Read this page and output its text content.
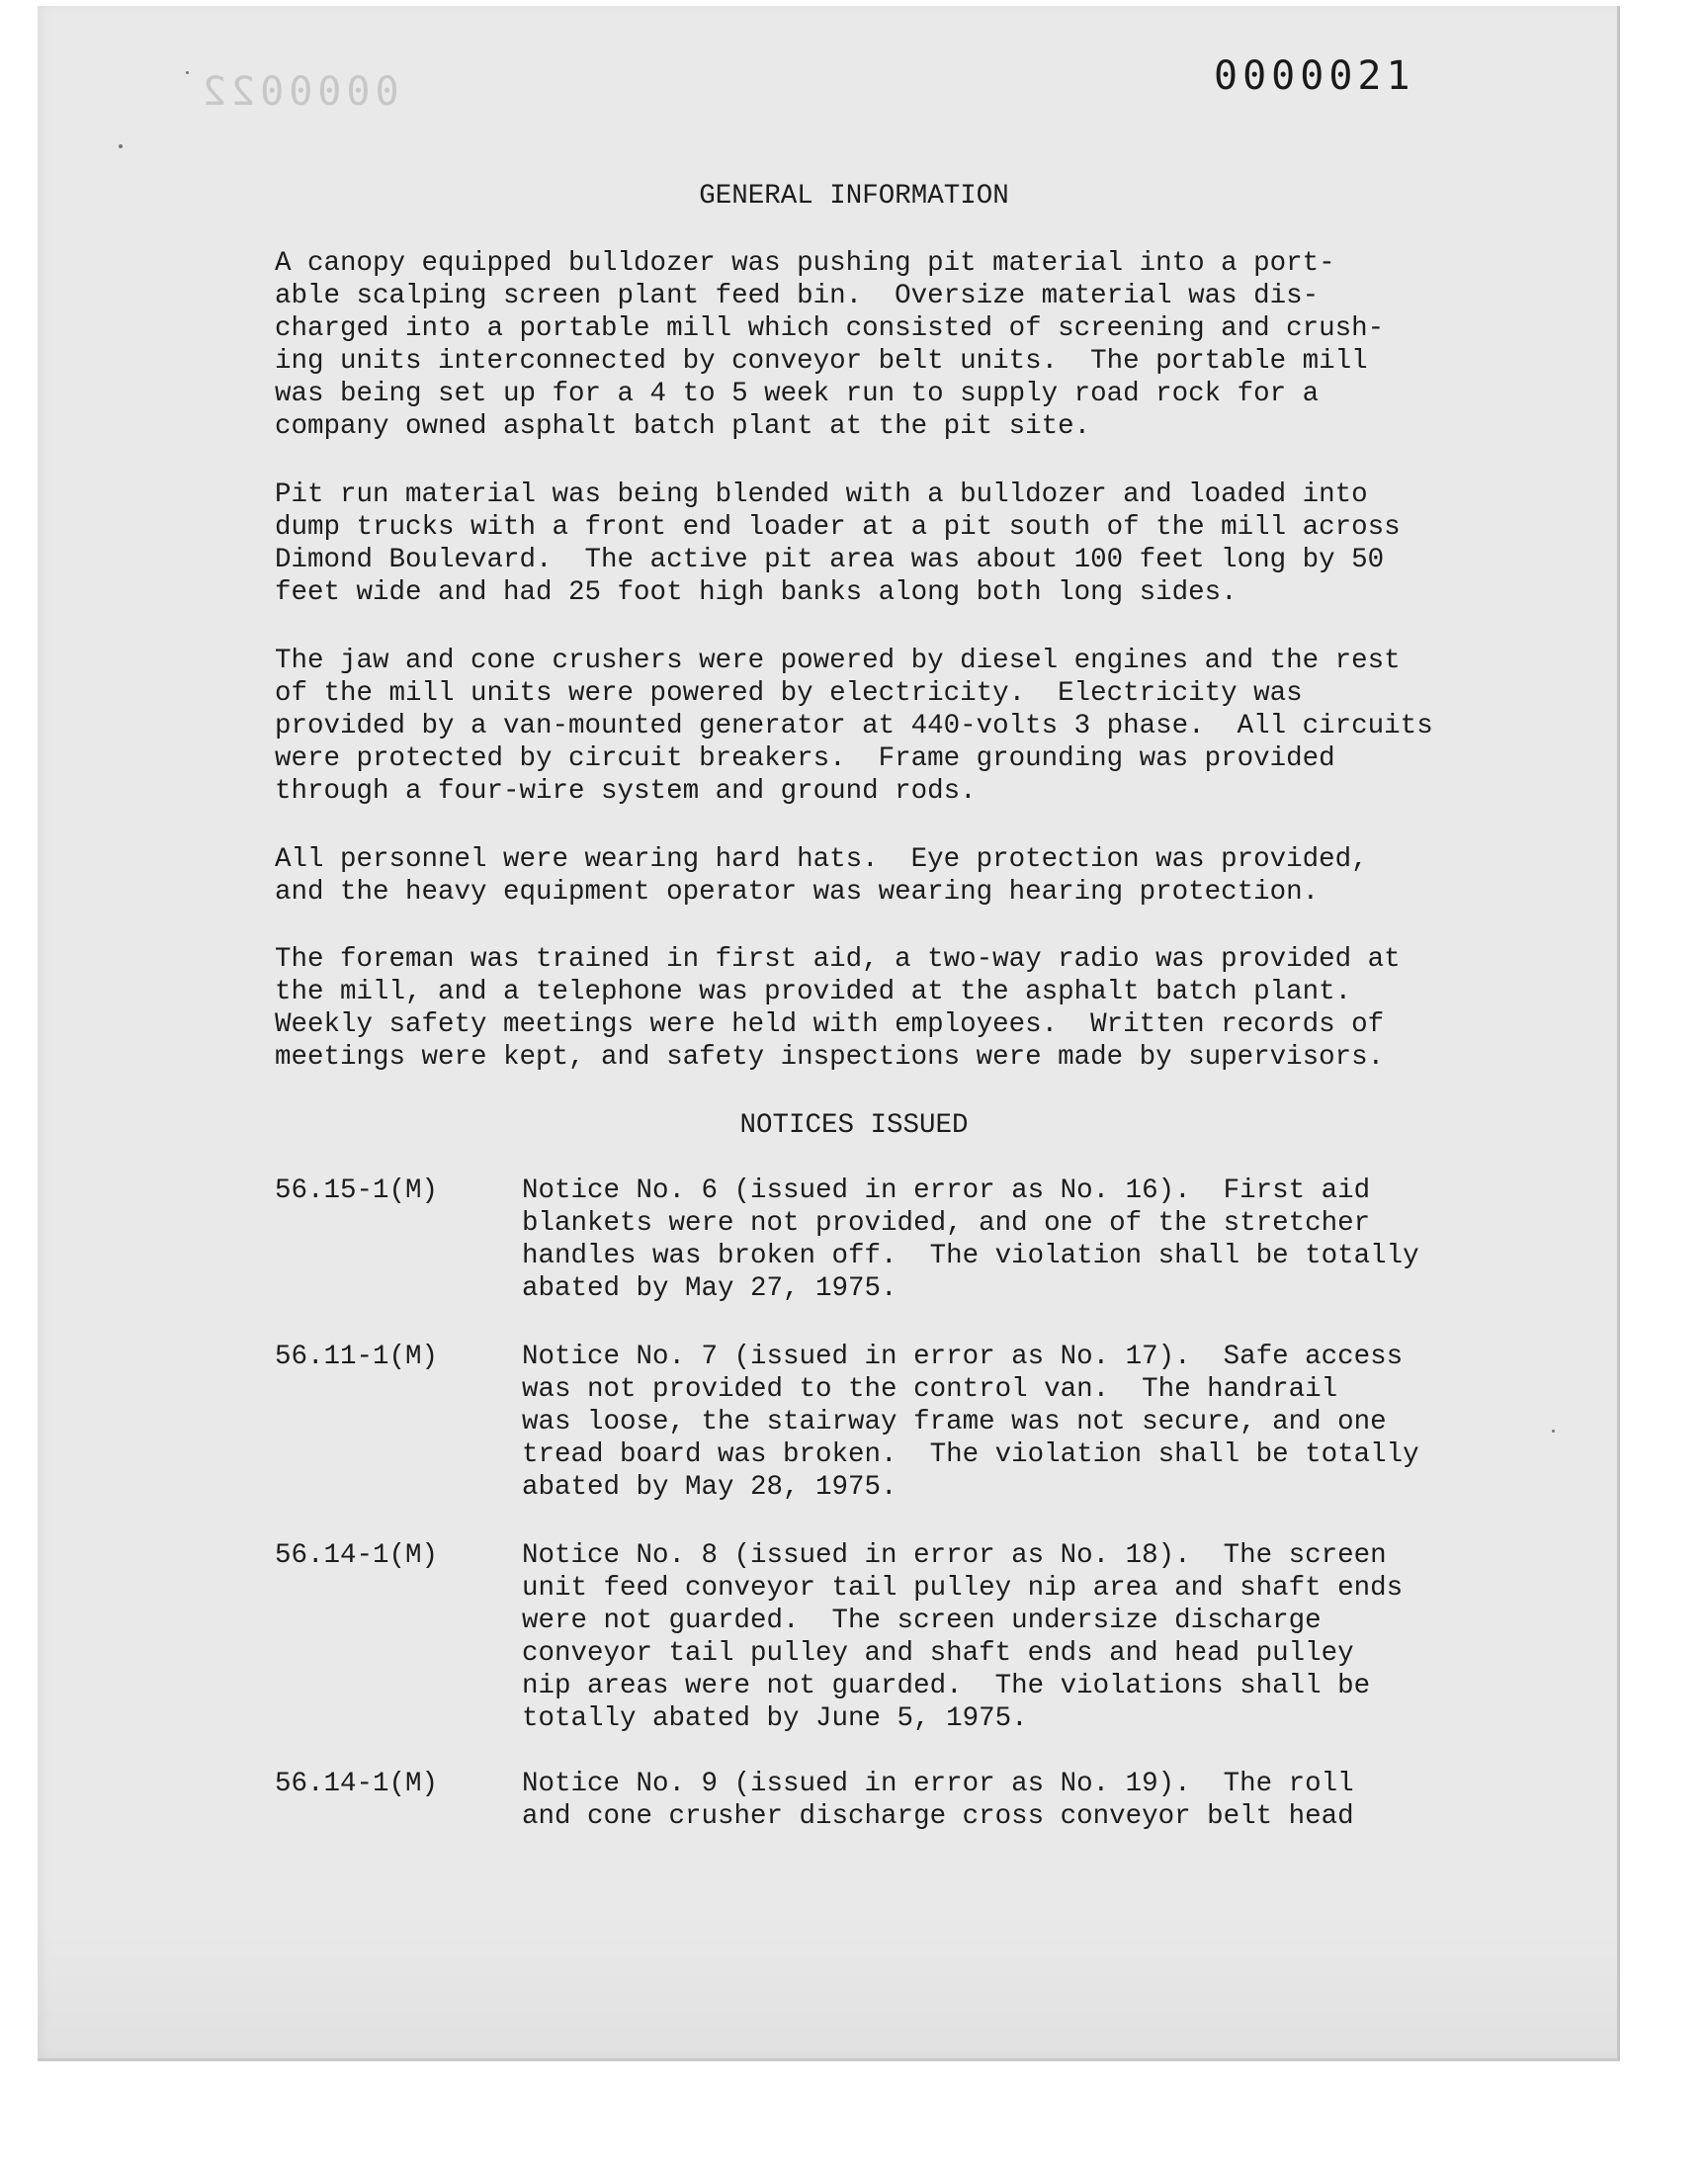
0000022	0000021
GENERAL INFORMATION

A canopy equipped bulldozer was pushing pit material into a port-
able scalping screen plant feed bin.  Oversize material was dis-
charged into a portable mill which consisted of screening and crush-
ing units interconnected by conveyor belt units.  The portable mill
was being set up for a 4 to 5 week run to supply road rock for a
company owned asphalt batch plant at the pit site.

Pit run material was being blended with a bulldozer and loaded into
dump trucks with a front end loader at a pit south of the mill across
Dimond Boulevard.  The active pit area was about 100 feet long by 50
feet wide and had 25 foot high banks along both long sides.

The jaw and cone crushers were powered by diesel engines and the rest
of the mill units were powered by electricity.  Electricity was
provided by a van-mounted generator at 440-volts 3 phase.  All circuits
were protected by circuit breakers.  Frame grounding was provided
through a four-wire system and ground rods.

All personnel were wearing hard hats.  Eye protection was provided,
and the heavy equipment operator was wearing hearing protection.

The foreman was trained in first aid, a two-way radio was provided at
the mill, and a telephone was provided at the asphalt batch plant.
Weekly safety meetings were held with employees.  Written records of
meetings were kept, and safety inspections were made by supervisors.

NOTICES ISSUED

56.15-1(M)	Notice No. 6 (issued in error as No. 16).  First aid
blankets were not provided, and one of the stretcher
handles was broken off.  The violation shall be totally
abated by May 27, 1975.

56.11-1(M)	Notice No. 7 (issued in error as No. 17).  Safe access
was not provided to the control van.  The handrail
was loose, the stairway frame was not secure, and one
tread board was broken.  The violation shall be totally
abated by May 28, 1975.

56.14-1(M)	Notice No. 8 (issued in error as No. 18).  The screen
unit feed conveyor tail pulley nip area and shaft ends
were not guarded.  The screen undersize discharge
conveyor tail pulley and shaft ends and head pulley
nip areas were not guarded.  The violations shall be
totally abated by June 5, 1975.

56.14-1(M)	Notice No. 9 (issued in error as No. 19).  The roll
and cone crusher discharge cross conveyor belt head
